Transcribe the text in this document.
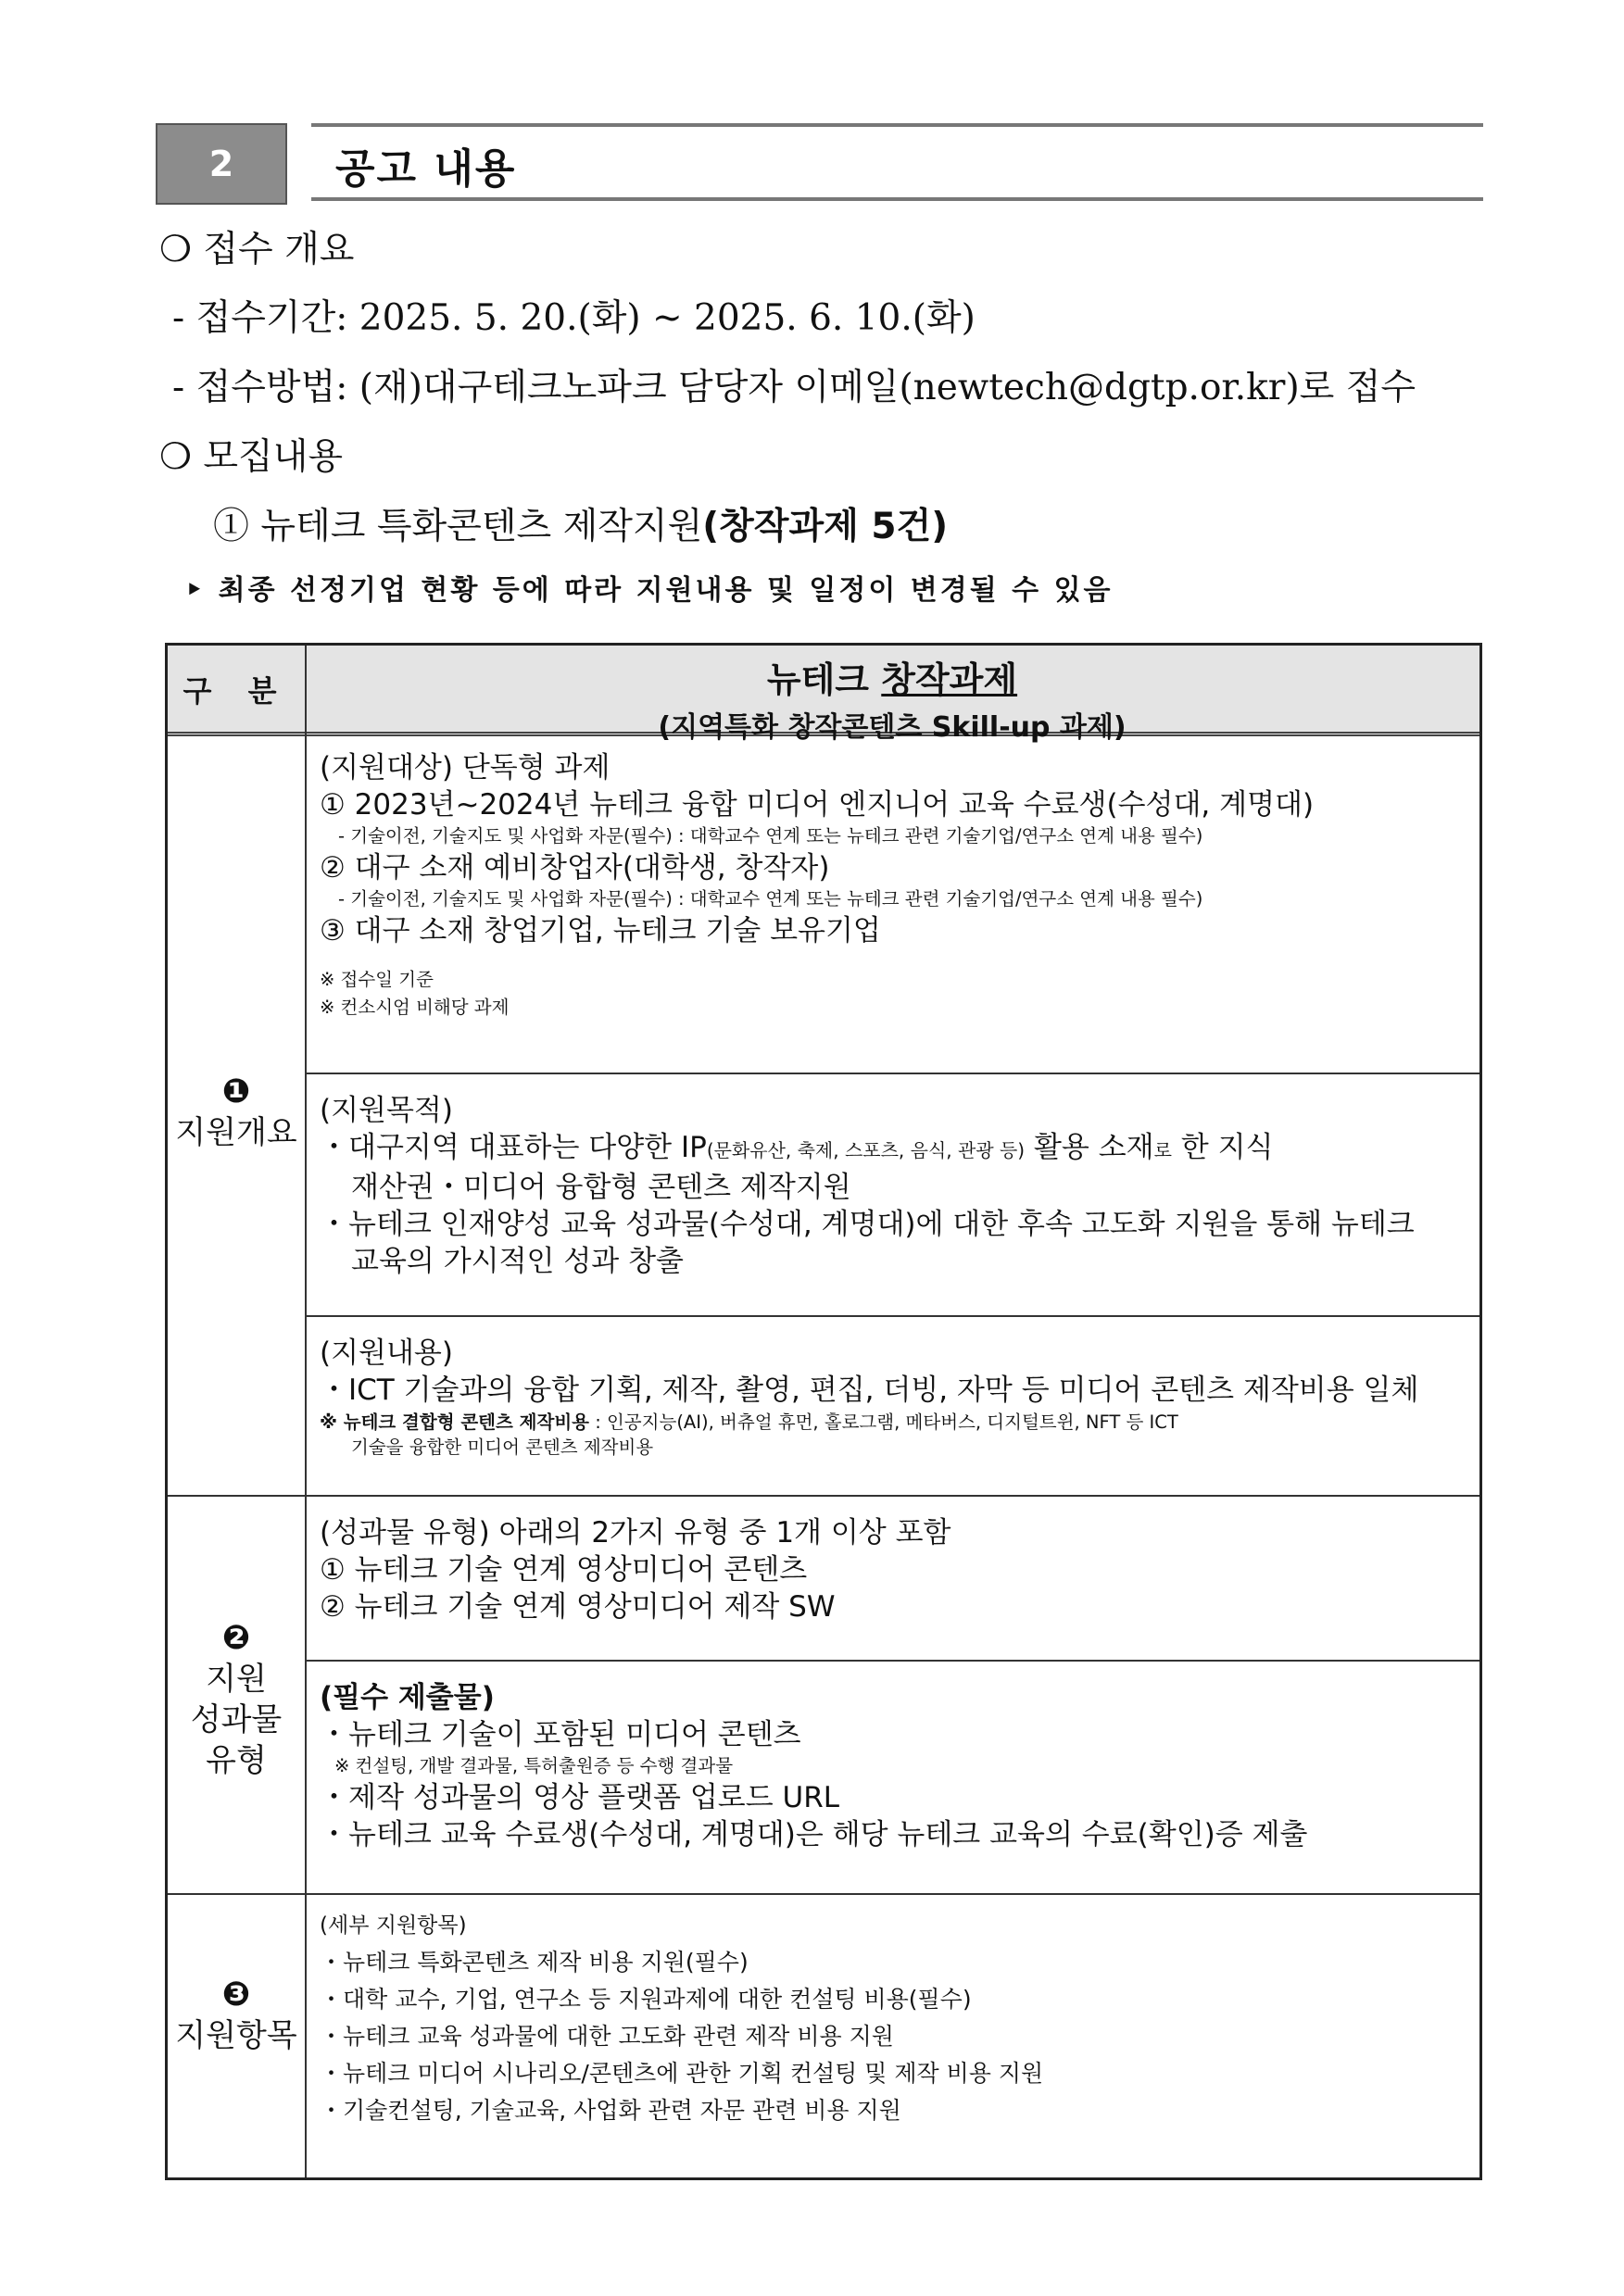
2 공고 내용
❍ 접수 개요
- 접수기간: 2025. 5. 20.(화) ~ 2025. 6. 10.(화)
- 접수방법: (재)대구테크노파크 담당자 이메일(newtech@dgtp.or.kr)로 접수
❍ 모집내용
① 뉴테크 특화콘텐츠 제작지원(창작과제 5건)
‣ 최종 선정기업 현황 등에 따라 지원내용 및 일정이 변경될 수 있음
구 분	뉴테크 창작과제
(지역특화 창작콘텐츠 Skill-up 과제)
❶
지원개요
(지원대상) 단독형 과제
① 2023년~2024년 뉴테크 융합 미디어 엔지니어 교육 수료생(수성대, 계명대)
- 기술이전, 기술지도 및 사업화 자문(필수) : 대학교수 연계 또는 뉴테크 관련 기술기업/연구소 연계 내용 필수)
② 대구 소재 예비창업자(대학생, 창작자)
- 기술이전, 기술지도 및 사업화 자문(필수) : 대학교수 연계 또는 뉴테크 관련 기술기업/연구소 연계 내용 필수)
③ 대구 소재 창업기업, 뉴테크 기술 보유기업
※ 접수일 기준
※ 컨소시엄 비해당 과제
(지원목적)
・대구지역 대표하는 다양한 IP(문화유산, 축제, 스포츠, 음식, 관광 등) 활용 소재로 한 지식
재산권・미디어 융합형 콘텐츠 제작지원
・뉴테크 인재양성 교육 성과물(수성대, 계명대)에 대한 후속 고도화 지원을 통해 뉴테크
교육의 가시적인 성과 창출
(지원내용)
・ICT 기술과의 융합 기획, 제작, 촬영, 편집, 더빙, 자막 등 미디어 콘텐츠 제작비용 일체
※ 뉴테크 결합형 콘텐츠 제작비용 : 인공지능(AI), 버츄얼 휴먼, 홀로그램, 메타버스, 디지털트윈, NFT 등 ICT
기술을 융합한 미디어 콘텐츠 제작비용
❷
지원
성과물
유형
(성과물 유형) 아래의 2가지 유형 중 1개 이상 포함
① 뉴테크 기술 연계 영상미디어 콘텐츠
② 뉴테크 기술 연계 영상미디어 제작 SW
(필수 제출물)
・뉴테크 기술이 포함된 미디어 콘텐츠
※ 컨설팅, 개발 결과물, 특허출원증 등 수행 결과물
・제작 성과물의 영상 플랫폼 업로드 URL
・뉴테크 교육 수료생(수성대, 계명대)은 해당 뉴테크 교육의 수료(확인)증 제출
❸
지원항목
(세부 지원항목)
・뉴테크 특화콘텐츠 제작 비용 지원(필수)
・대학 교수, 기업, 연구소 등 지원과제에 대한 컨설팅 비용(필수)
・뉴테크 교육 성과물에 대한 고도화 관련 제작 비용 지원
・뉴테크 미디어 시나리오/콘텐츠에 관한 기획 컨설팅 및 제작 비용 지원
・기술컨설팅, 기술교육, 사업화 관련 자문 관련 비용 지원
